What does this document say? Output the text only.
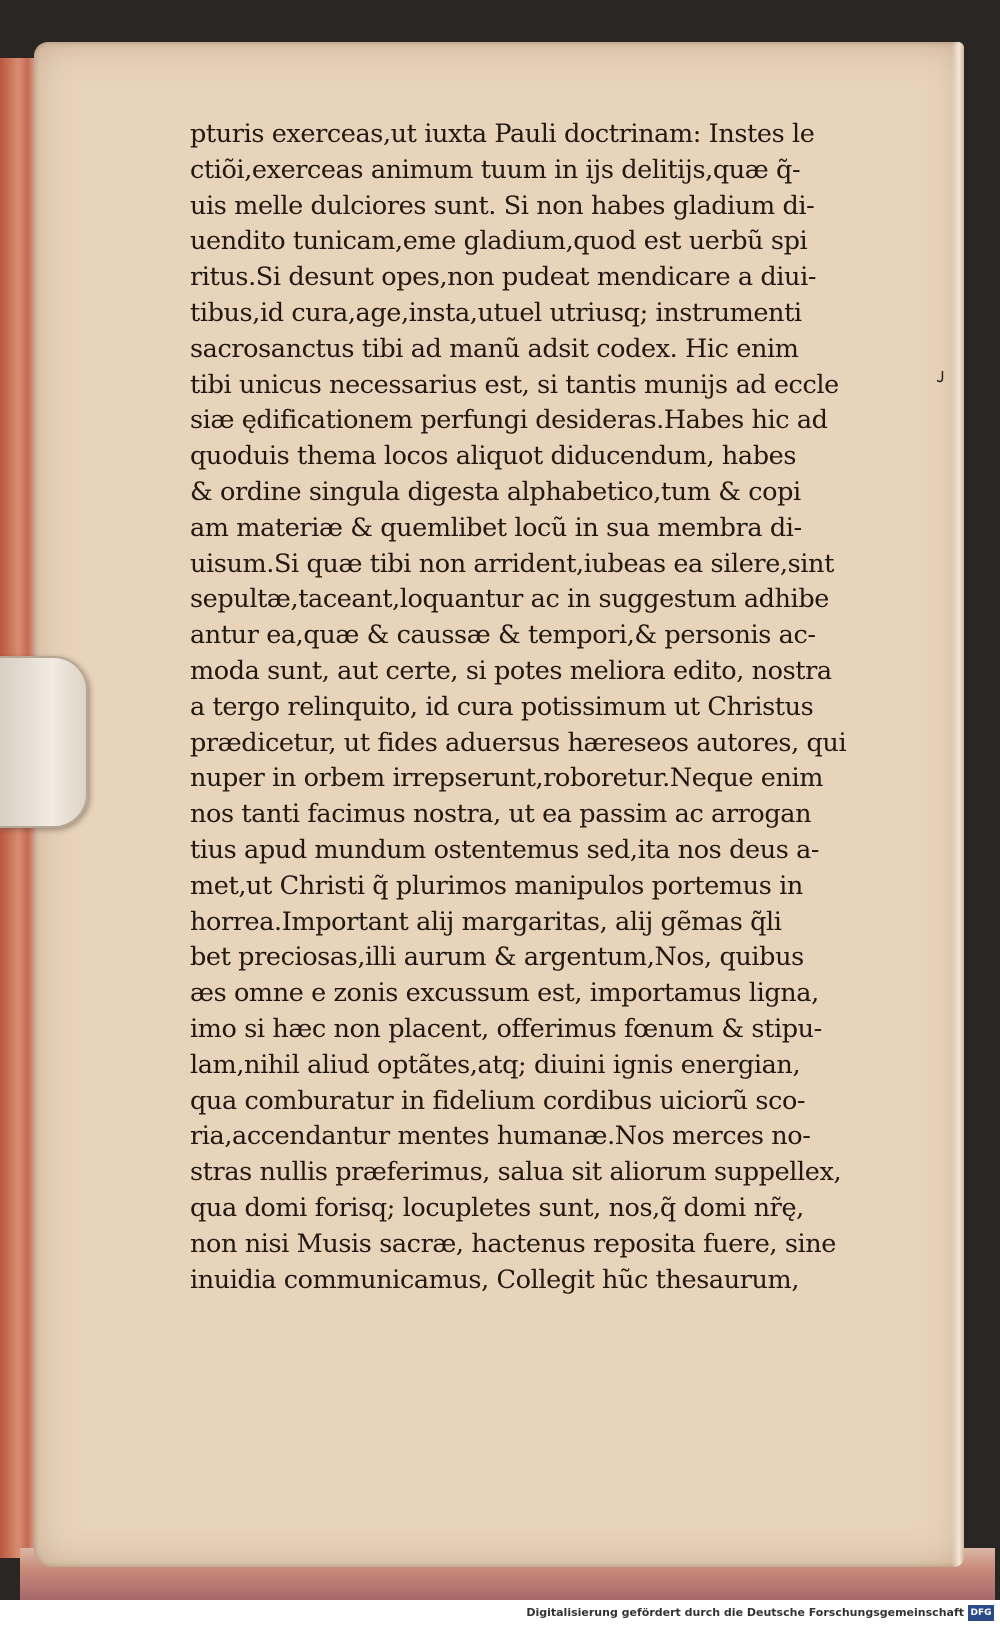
ᴊ
pturis exerceas,ut iuxta Pauli doctrinam: Instes le
ctiõi,exerceas animum tuum in ijs delitijs,quæ q̃-
uis melle dulciores sunt. Si non habes gladium di-
uendito tunicam,eme gladium,quod est uerbũ spi
ritus.Si desunt opes,non pudeat mendicare a diui-
tibus,id cura,age,insta,utuel utriusq; instrumenti
sacrosanctus tibi ad manũ adsit codex. Hic enim
tibi unicus necessarius est, si tantis munijs ad eccle
siæ ędificationem perfungi desideras.Habes hic ad
quoduis thema locos aliquot diducendum, habes
& ordine singula digesta alphabetico,tum & copi
am materiæ & quemlibet locũ in sua membra di-
uisum.Si quæ tibi non arrident,iubeas ea silere,sint
sepultæ,taceant,loquantur ac in suggestum adhibe
antur ea,quæ & caussæ & tempori,& personis ac-
moda sunt, aut certe, si potes meliora edito, nostra
a tergo relinquito, id cura potissimum ut Christus
prædicetur, ut fides aduersus hæreseos autores, qui
nuper in orbem irrepserunt,roboretur.Neque enim
nos tanti facimus nostra, ut ea passim ac arrogan
tius apud mundum ostentemus sed,ita nos deus a-
met,ut Christi q̃ plurimos manipulos portemus in
horrea.Important alij margaritas, alij gẽmas q̃li
bet preciosas,illi aurum & argentum,Nos, quibus
æs omne e zonis excussum est, importamus ligna,
imo si hæc non placent, offerimus fœnum & stipu-
lam,nihil aliud optãtes,atq; diuini ignis energian,
qua comburatur in fidelium cordibus uiciorũ sco-
ria,accendantur mentes humanæ.Nos merces no-
stras nullis præferimus, salua sit aliorum suppellex,
qua domi forisq; locupletes sunt, nos,q̃ domi nr̃ę,
non nisi Musis sacræ, hactenus reposita fuere, sine
inuidia communicamus, Collegit hũc thesaurum,
Digitalisierung gefördert durch die Deutsche Forschungsgemeinschaft DFG
